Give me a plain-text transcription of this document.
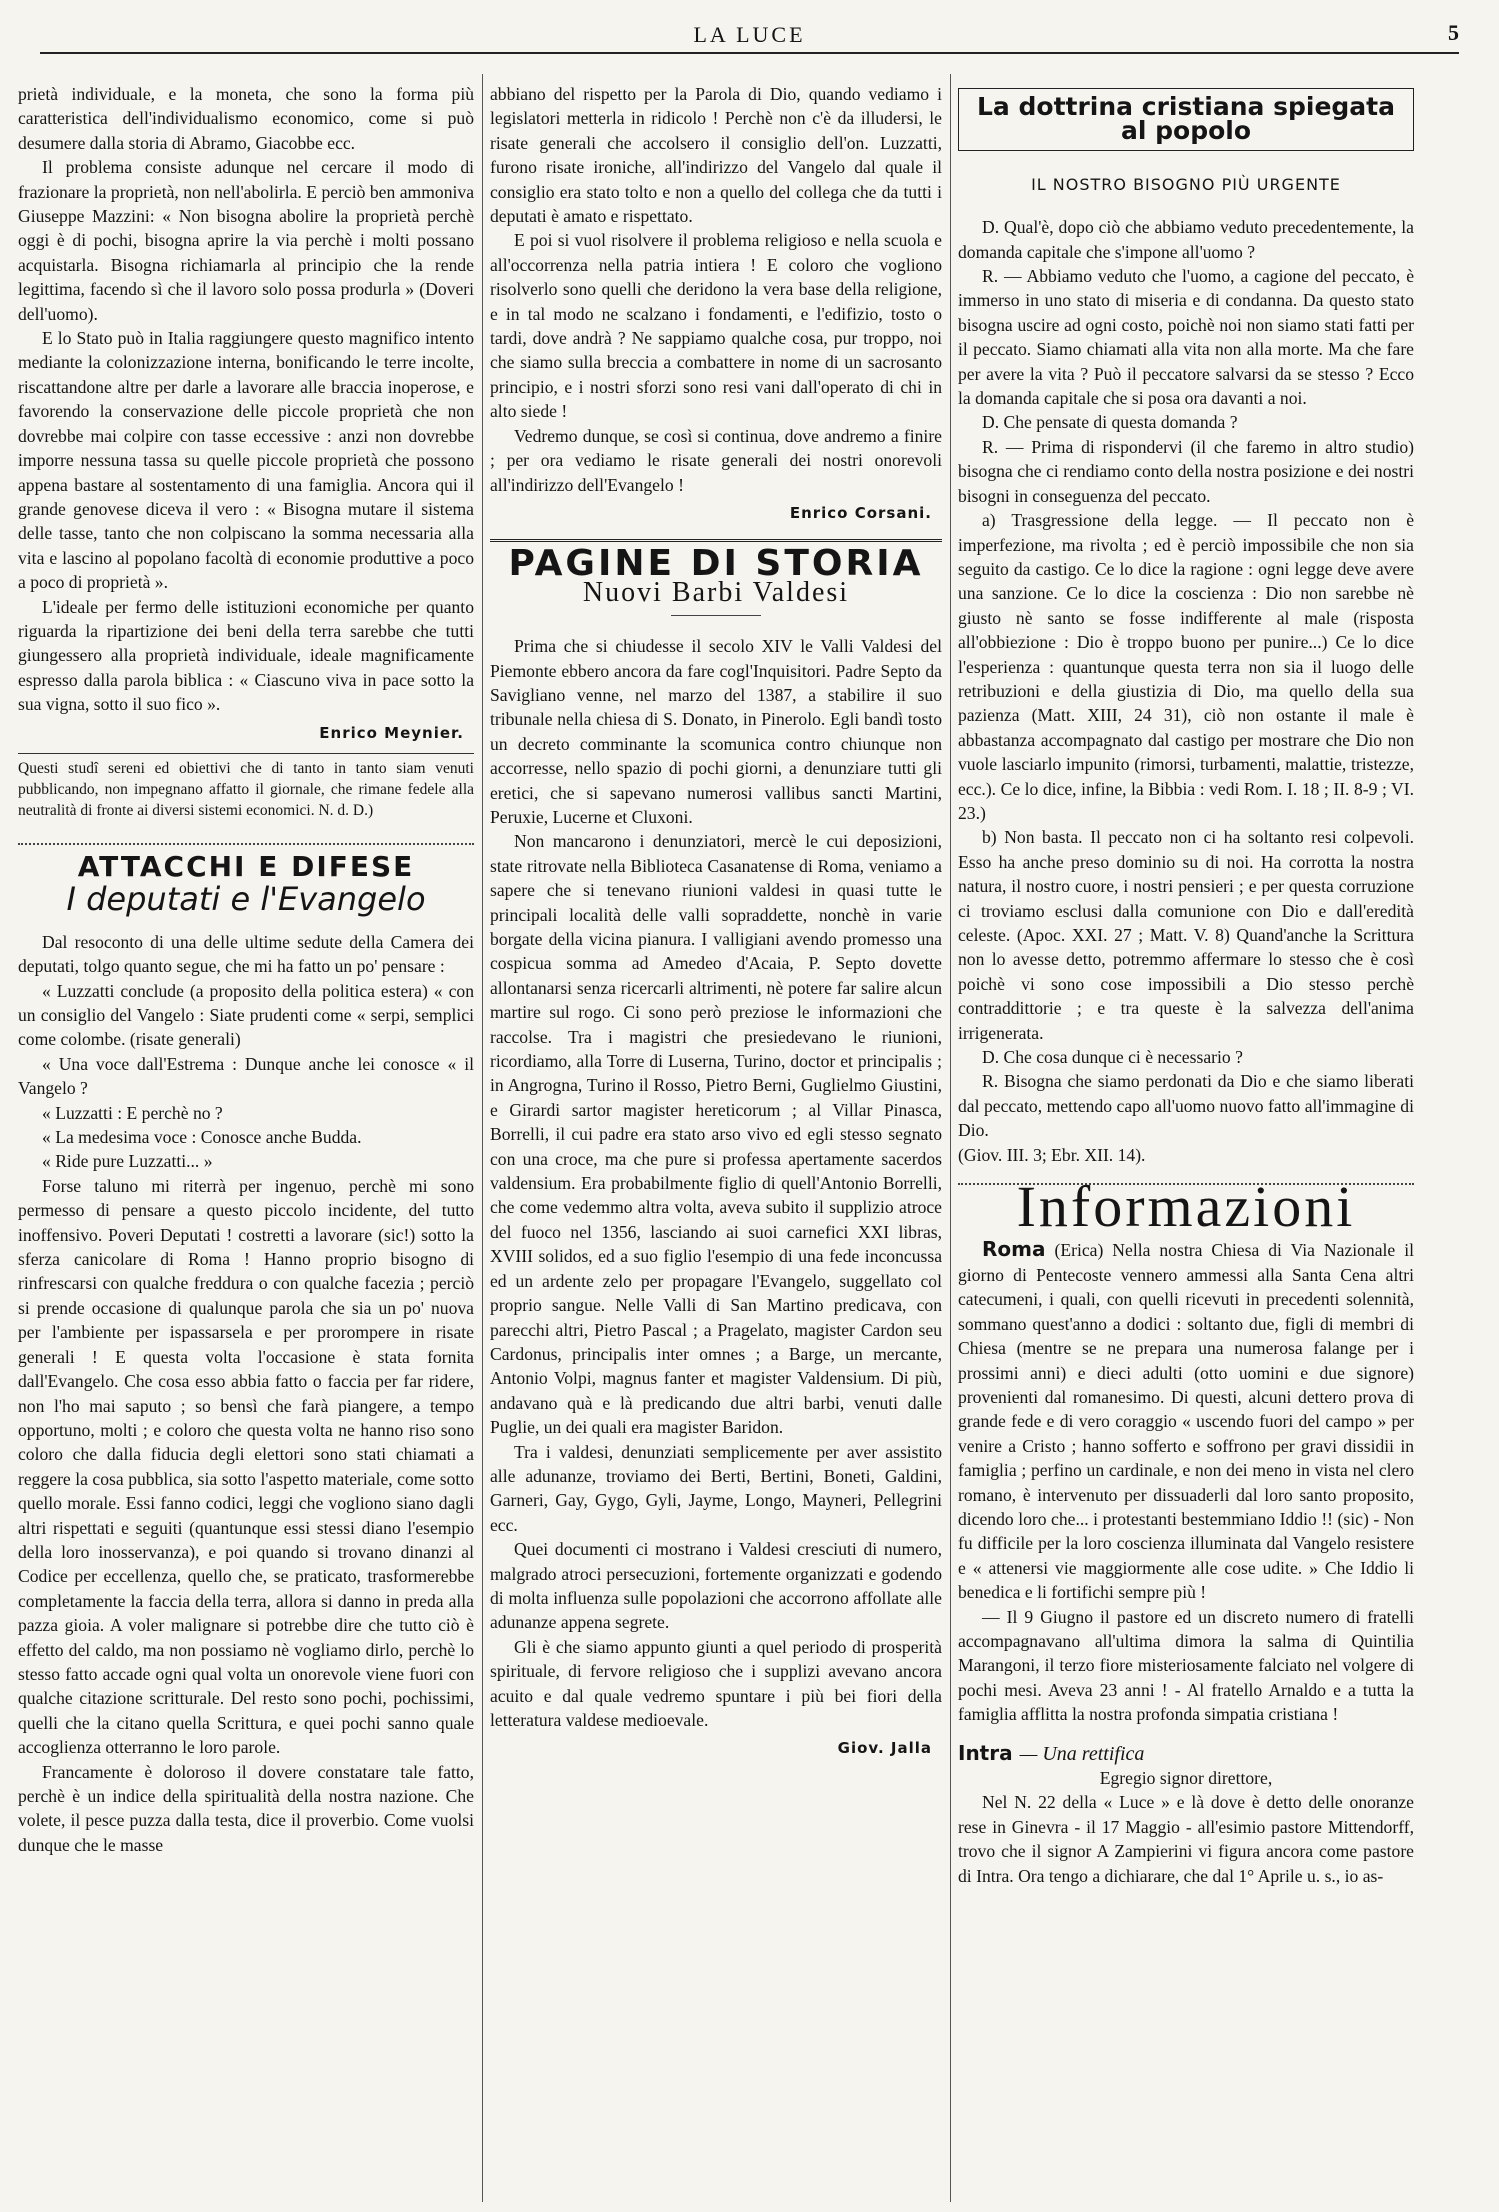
LA LUCE	5

prietà individuale, e la moneta, che sono la forma più caratteristica dell'individualismo economico, come si può desumere dalla storia di Abramo, Giacobbe ecc.

Il problema consiste adunque nel cercare il modo di frazionare la proprietà, non nell'abolirla. E perciò ben ammoniva Giuseppe Mazzini: « Non bisogna abolire la proprietà perchè oggi è di pochi, bisogna aprire la via perchè i molti possano acquistarla. Bisogna richiamarla al principio che la rende legittima, facendo sì che il lavoro solo possa produrla » (Doveri dell'uomo).

E lo Stato può in Italia raggiungere questo magnifico intento mediante la colonizzazione interna, bonificando le terre incolte, riscattandone altre per darle a lavorare alle braccia inoperose, e favorendo la conservazione delle piccole proprietà che non dovrebbe mai colpire con tasse eccessive : anzi non dovrebbe imporre nessuna tassa su quelle piccole proprietà che possono appena bastare al sostentamento di una famiglia. Ancora qui il grande genovese diceva il vero : « Bisogna mutare il sistema delle tasse, tanto che non colpiscano la somma necessaria alla vita e lascino al popolano facoltà di economie produttive a poco a poco di proprietà ».

L'ideale per fermo delle istituzioni economiche per quanto riguarda la ripartizione dei beni della terra sarebbe che tutti giungessero alla proprietà individuale, ideale magnificamente espresso dalla parola biblica : « Ciascuno viva in pace sotto la sua vigna, sotto il suo fico ».

Enrico Meynier.
Questi studî sereni ed obiettivi che di tanto in tanto siam venuti pubblicando, non impegnano affatto il giornale, che rimane fedele alla neutralità di fronte ai diversi sistemi economici. N. d. D.)
ATTACCHI E DIFESE
I deputati e l'Evangelo

Dal resoconto di una delle ultime sedute della Camera dei deputati, tolgo quanto segue, che mi ha fatto un po' pensare :

« Luzzatti conclude (a proposito della politica estera) « con un consiglio del Vangelo : Siate prudenti come « serpi, semplici come colombe. (risate generali)

« Una voce dall'Estrema : Dunque anche lei conosce « il Vangelo ?

« Luzzatti : E perchè no ?

« La medesima voce : Conosce anche Budda.

« Ride pure Luzzatti... »

Forse taluno mi riterrà per ingenuo, perchè mi sono permesso di pensare a questo piccolo incidente, del tutto inoffensivo. Poveri Deputati ! costretti a lavorare (sic!) sotto la sferza canicolare di Roma ! Hanno proprio bisogno di rinfrescarsi con qualche freddura o con qualche facezia ; perciò si prende occasione di qualunque parola che sia un po' nuova per l'ambiente per ispassarsela e per prorompere in risate generali ! E questa volta l'occasione è stata fornita dall'Evangelo. Che cosa esso abbia fatto o faccia per far ridere, non l'ho mai saputo ; so bensì che farà piangere, a tempo opportuno, molti ; e coloro che questa volta ne hanno riso sono coloro che dalla fiducia degli elettori sono stati chiamati a reggere la cosa pubblica, sia sotto l'aspetto materiale, come sotto quello morale. Essi fanno codici, leggi che vogliono siano dagli altri rispettati e seguiti (quantunque essi stessi diano l'esempio della loro inosservanza), e poi quando si trovano dinanzi al Codice per eccellenza, quello che, se praticato, trasformerebbe completamente la faccia della terra, allora si danno in preda alla pazza gioia. A voler malignare si potrebbe dire che tutto ciò è effetto del caldo, ma non possiamo nè vogliamo dirlo, perchè lo stesso fatto accade ogni qual volta un onorevole viene fuori con qualche citazione scritturale. Del resto sono pochi, pochissimi, quelli che la citano quella Scrittura, e quei pochi sanno quale accoglienza otterranno le loro parole.

Francamente è doloroso il dovere constatare tale fatto, perchè è un indice della spiritualità della nostra nazione. Che volete, il pesce puzza dalla testa, dice il proverbio. Come vuolsi dunque che le masse

abbiano del rispetto per la Parola di Dio, quando vediamo i legislatori metterla in ridicolo ! Perchè non c'è da illudersi, le risate generali che accolsero il consiglio dell'on. Luzzatti, furono risate ironiche, all'indirizzo del Vangelo dal quale il consiglio era stato tolto e non a quello del collega che da tutti i deputati è amato e rispettato.

E poi si vuol risolvere il problema religioso e nella scuola e all'occorrenza nella patria intiera ! E coloro che vogliono risolverlo sono quelli che deridono la vera base della religione, e in tal modo ne scalzano i fondamenti, e l'edifizio, tosto o tardi, dove andrà ? Ne sappiamo qualche cosa, pur troppo, noi che siamo sulla breccia a combattere in nome di un sacrosanto principio, e i nostri sforzi sono resi vani dall'operato di chi in alto siede !

Vedremo dunque, se così si continua, dove andremo a finire ; per ora vediamo le risate generali dei nostri onorevoli all'indirizzo dell'Evangelo !

Enrico Corsani.
PAGINE DI STORIA
Nuovi Barbi Valdesi

Prima che si chiudesse il secolo XIV le Valli Valdesi del Piemonte ebbero ancora da fare cogl'Inquisitori. Padre Septo da Savigliano venne, nel marzo del 1387, a stabilire il suo tribunale nella chiesa di S. Donato, in Pinerolo. Egli bandì tosto un decreto comminante la scomunica contro chiunque non accorresse, nello spazio di pochi giorni, a denunziare tutti gli eretici, che si sapevano numerosi vallibus sancti Martini, Peruxie, Lucerne et Cluxoni.

Non mancarono i denunziatori, mercè le cui deposizioni, state ritrovate nella Biblioteca Casanatense di Roma, veniamo a sapere che si tenevano riunioni valdesi in quasi tutte le principali località delle valli sopraddette, nonchè in varie borgate della vicina pianura. I valligiani avendo promesso una cospicua somma ad Amedeo d'Acaia, P. Septo dovette allontanarsi senza ricercarli altrimenti, nè potere far salire alcun martire sul rogo. Ci sono però preziose le informazioni che raccolse. Tra i magistri che presiedevano le riunioni, ricordiamo, alla Torre di Luserna, Turino, doctor et principalis ; in Angrogna, Turino il Rosso, Pietro Berni, Guglielmo Giustini, e Girardi sartor magister hereticorum ; al Villar Pinasca, Borrelli, il cui padre era stato arso vivo ed egli stesso segnato con una croce, ma che pure si professa apertamente sacerdos valdensium. Era probabilmente figlio di quell'Antonio Borrelli, che come vedemmo altra volta, aveva subito il supplizio atroce del fuoco nel 1356, lasciando ai suoi carnefici XXI libras, XVIII solidos, ed a suo figlio l'esempio di una fede inconcussa ed un ardente zelo per propagare l'Evangelo, suggellato col proprio sangue. Nelle Valli di San Martino predicava, con parecchi altri, Pietro Pascal ; a Pragelato, magister Cardon seu Cardonus, principalis inter omnes ; a Barge, un mercante, Antonio Volpi, magnus fanter et magister Valdensium. Di più, andavano quà e là predicando due altri barbi, venuti dalle Puglie, un dei quali era magister Baridon.

Tra i valdesi, denunziati semplicemente per aver assistito alle adunanze, troviamo dei Berti, Bertini, Boneti, Galdini, Garneri, Gay, Gygo, Gyli, Jayme, Longo, Mayneri, Pellegrini ecc.

Quei documenti ci mostrano i Valdesi cresciuti di numero, malgrado atroci persecuzioni, fortemente organizzati e godendo di molta influenza sulle popolazioni che accorrono affollate alle adunanze appena segrete.

Gli è che siamo appunto giunti a quel periodo di prosperità spirituale, di fervore religioso che i supplizi avevano ancora acuito e dal quale vedremo spuntare i più bei fiori della letteratura valdese medioevale.

Giov. Jalla
La dottrina cristiana spiegata al popolo
IL NOSTRO BISOGNO PIÙ URGENTE

D. Qual'è, dopo ciò che abbiamo veduto precedentemente, la domanda capitale che s'impone all'uomo ?

R. — Abbiamo veduto che l'uomo, a cagione del peccato, è immerso in uno stato di miseria e di condanna. Da questo stato bisogna uscire ad ogni costo, poichè noi non siamo stati fatti per il peccato. Siamo chiamati alla vita non alla morte. Ma che fare per avere la vita ? Può il peccatore salvarsi da se stesso ? Ecco la domanda capitale che si posa ora davanti a noi.

D. Che pensate di questa domanda ?

R. — Prima di rispondervi (il che faremo in altro studio) bisogna che ci rendiamo conto della nostra posizione e dei nostri bisogni in conseguenza del peccato.

a) Trasgressione della legge. — Il peccato non è imperfezione, ma rivolta ; ed è perciò impossibile che non sia seguito da castigo. Ce lo dice la ragione : ogni legge deve avere una sanzione. Ce lo dice la coscienza : Dio non sarebbe nè giusto nè santo se fosse indifferente al male (risposta all'obbiezione : Dio è troppo buono per punire...) Ce lo dice l'esperienza : quantunque questa terra non sia il luogo delle retribuzioni e della giustizia di Dio, ma quello della sua pazienza (Matt. XIII, 24 31), ciò non ostante il male è abbastanza accompagnato dal castigo per mostrare che Dio non vuole lasciarlo impunito (rimorsi, turbamenti, malattie, tristezze, ecc.). Ce lo dice, infine, la Bibbia : vedi Rom. I. 18 ; II. 8-9 ; VI. 23.)

b) Non basta. Il peccato non ci ha soltanto resi colpevoli. Esso ha anche preso dominio su di noi. Ha corrotta la nostra natura, il nostro cuore, i nostri pensieri ; e per questa corruzione ci troviamo esclusi dalla comunione con Dio e dall'eredità celeste. (Apoc. XXI. 27 ; Matt. V. 8) Quand'anche la Scrittura non lo avesse detto, potremmo affermare lo stesso che è così poichè vi sono cose impossibili a Dio stesso perchè contraddittorie ; e tra queste è la salvezza dell'anima irrigenerata.

D. Che cosa dunque ci è necessario ?

R. Bisogna che siamo perdonati da Dio e che siamo liberati dal peccato, mettendo capo all'uomo nuovo fatto all'immagine di Dio.

(Giov. III. 3; Ebr. XII. 14).

Informazioni

Roma (Erica) Nella nostra Chiesa di Via Nazionale il giorno di Pentecoste vennero ammessi alla Santa Cena altri catecumeni, i quali, con quelli ricevuti in precedenti solennità, sommano quest'anno a dodici : soltanto due, figli di membri di Chiesa (mentre se ne prepara una numerosa falange per i prossimi anni) e dieci adulti (otto uomini e due signore) provenienti dal romanesimo. Di questi, alcuni dettero prova di grande fede e di vero coraggio « uscendo fuori del campo » per venire a Cristo ; hanno sofferto e soffrono per gravi dissidii in famiglia ; perfino un cardinale, e non dei meno in vista nel clero romano, è intervenuto per dissuaderli dal loro santo proposito, dicendo loro che... i protestanti bestemmiano Iddio !! (sic) - Non fu difficile per la loro coscienza illuminata dal Vangelo resistere e « attenersi vie maggiormente alle cose udite. » Che Iddio li benedica e li fortifichi sempre più !

— Il 9 Giugno il pastore ed un discreto numero di fratelli accompagnavano all'ultima dimora la salma di Quintilia Marangoni, il terzo fiore misteriosamente falciato nel volgere di pochi mesi. Aveva 23 anni ! - Al fratello Arnaldo e a tutta la famiglia afflitta la nostra profonda simpatia cristiana !

Intra — Una rettifica

Egregio signor direttore,

Nel N. 22 della « Luce » e là dove è detto delle onoranze rese in Ginevra - il 17 Maggio - all'esimio pastore Mittendorff, trovo che il signor A Zampierini vi figura ancora come pastore di Intra. Ora tengo a dichiarare, che dal 1° Aprile u. s., io as-
